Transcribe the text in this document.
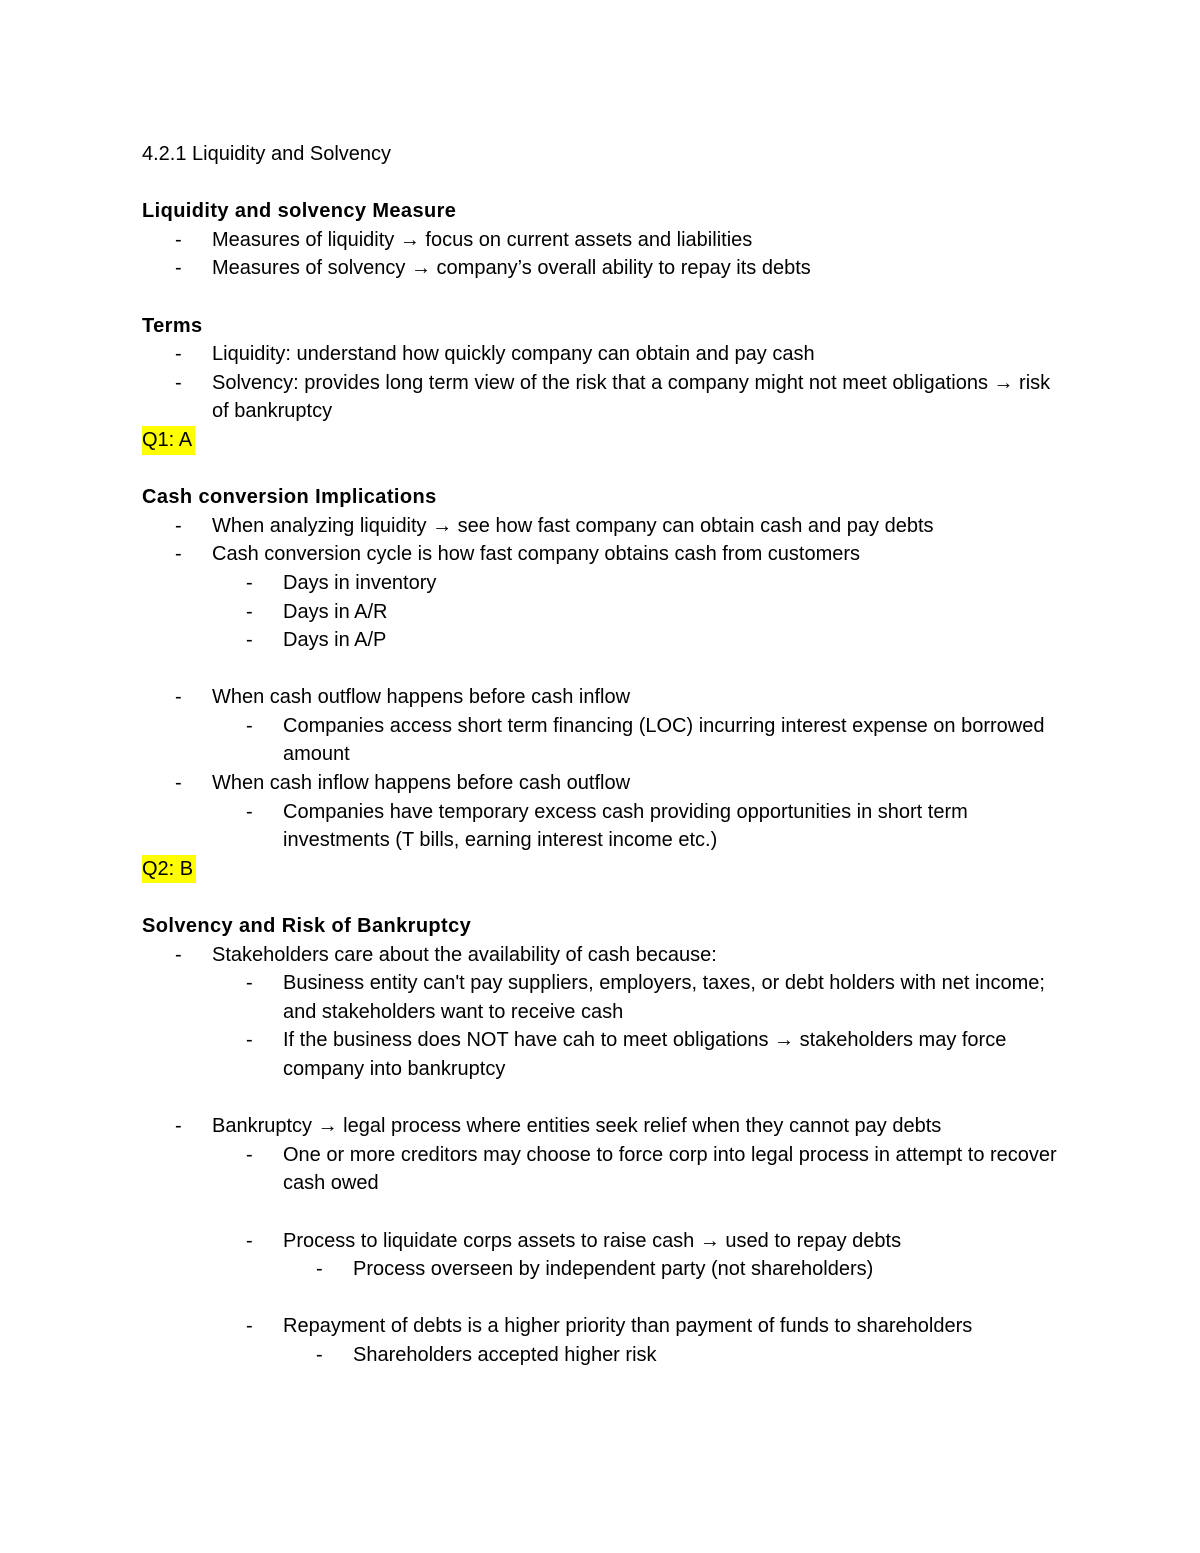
4.2.1 Liquidity and Solvency
Liquidity and solvency Measure
- Measures of liquidity → focus on current assets and liabilities
- Measures of solvency → company’s overall ability to repay its debts
Terms
- Liquidity: understand how quickly company can obtain and pay cash
- Solvency: provides long term view of the risk that a company might not meet obligations → risk of bankruptcy
Q1: A
Cash conversion Implications
- When analyzing liquidity → see how fast company can obtain cash and pay debts
- Cash conversion cycle is how fast company obtains cash from customers
- Days in inventory
- Days in A/R
- Days in A/P
- When cash outflow happens before cash inflow
- Companies access short term financing (LOC) incurring interest expense on borrowed amount
- When cash inflow happens before cash outflow
- Companies have temporary excess cash providing opportunities in short term investments (T bills, earning interest income etc.)
Q2: B
Solvency and Risk of Bankruptcy
- Stakeholders care about the availability of cash because:
- Business entity can't pay suppliers, employers, taxes, or debt holders with net income; and stakeholders want to receive cash
- If the business does NOT have cah to meet obligations → stakeholders may force company into bankruptcy
- Bankruptcy → legal process where entities seek relief when they cannot pay debts
- One or more creditors may choose to force corp into legal process in attempt to recover cash owed
- Process to liquidate corps assets to raise cash → used to repay debts
- Process overseen by independent party (not shareholders)
- Repayment of debts is a higher priority than payment of funds to shareholders
- Shareholders accepted higher risk
